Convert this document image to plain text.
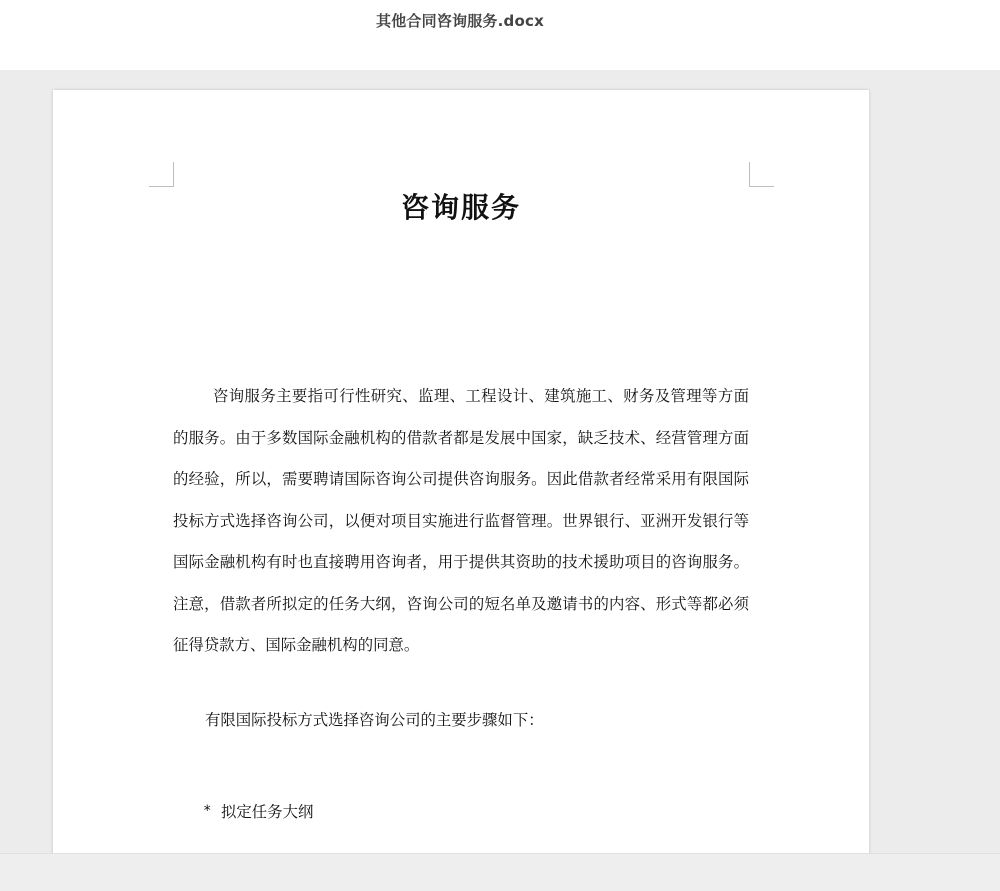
其他合同咨询服务.docx
咨询服务

咨询服务主要指可行性研究、监理、工程设计、建筑施工、财务及管理等方面的服务。由于多数国际金融机构的借款者都是发展中国家，缺乏技术、经营管理方面的经验，所以，需要聘请国际咨询公司提供咨询服务。因此借款者经常采用有限国际投标方式选择咨询公司，以便对项目实施进行监督管理。世界银行、亚洲开发银行等国际金融机构有时也直接聘用咨询者，用于提供其资助的技术援助项目的咨询服务。注意，借款者所拟定的任务大纲，咨询公司的短名单及邀请书的内容、形式等都必须征得贷款方、国际金融机构的同意。

有限国际投标方式选择咨询公司的主要步骤如下：

* 拟定任务大纲
